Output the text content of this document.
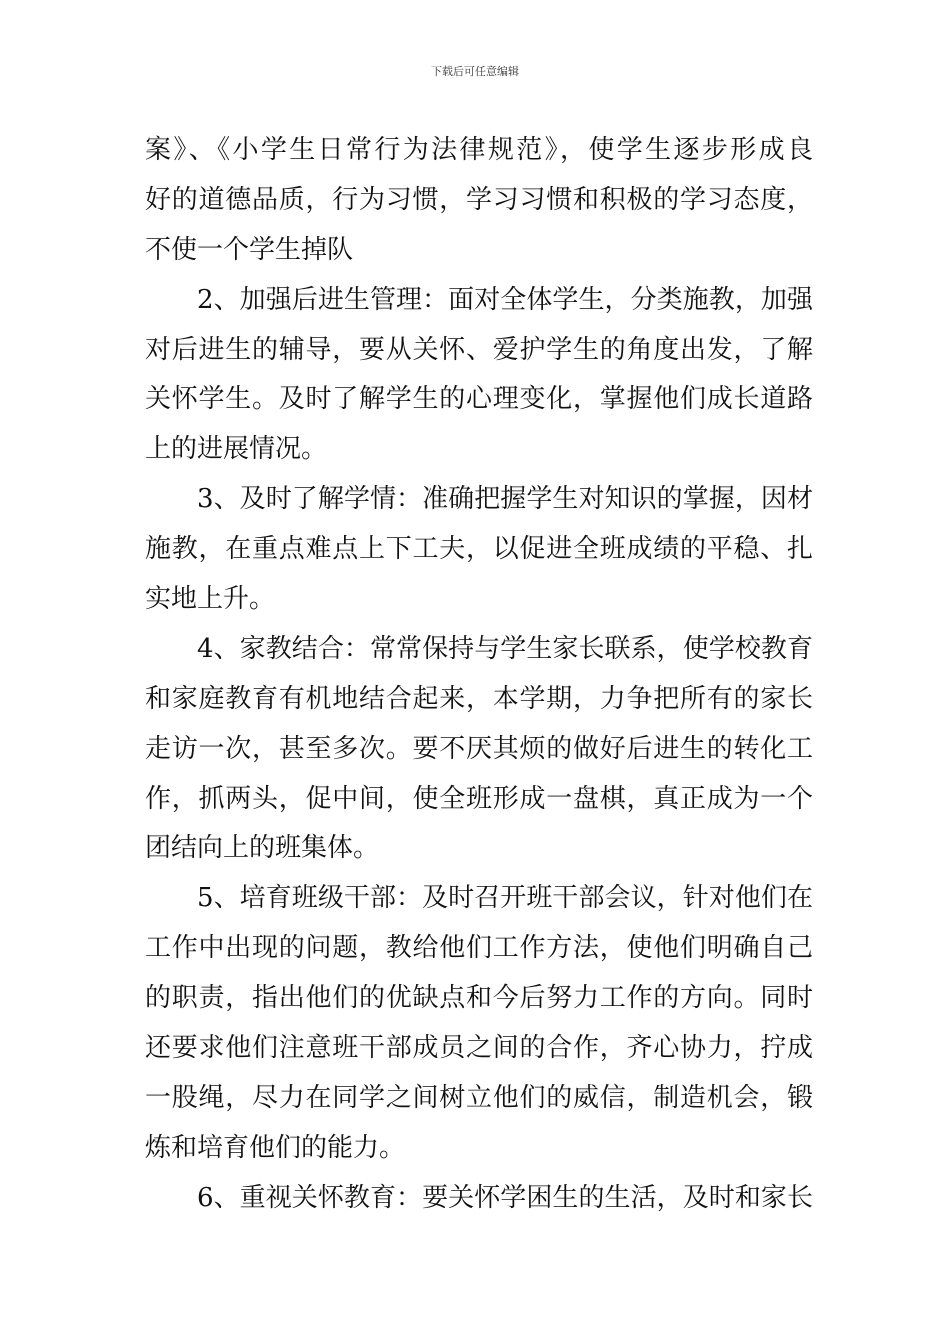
下载后可任意编辑
案》、《小学生日常行为法律规范》，使学生逐步形成良
好的道德品质，行为习惯，学习习惯和积极的学习态度，
不使一个学生掉队
2、加强后进生管理：面对全体学生，分类施教，加强
对后进生的辅导，要从关怀、爱护学生的角度出发，了解
关怀学生。及时了解学生的心理变化，掌握他们成长道路
上的进展情况。
3、及时了解学情：准确把握学生对知识的掌握，因材
施教，在重点难点上下工夫，以促进全班成绩的平稳、扎
实地上升。
4、家教结合：常常保持与学生家长联系，使学校教育
和家庭教育有机地结合起来，本学期，力争把所有的家长
走访一次，甚至多次。要不厌其烦的做好后进生的转化工
作，抓两头，促中间，使全班形成一盘棋，真正成为一个
团结向上的班集体。
5、培育班级干部：及时召开班干部会议，针对他们在
工作中出现的问题，教给他们工作方法，使他们明确自己
的职责，指出他们的优缺点和今后努力工作的方向。同时
还要求他们注意班干部成员之间的合作，齐心协力，拧成
一股绳，尽力在同学之间树立他们的威信，制造机会，锻
炼和培育他们的能力。
6、重视关怀教育：要关怀学困生的生活，及时和家长
